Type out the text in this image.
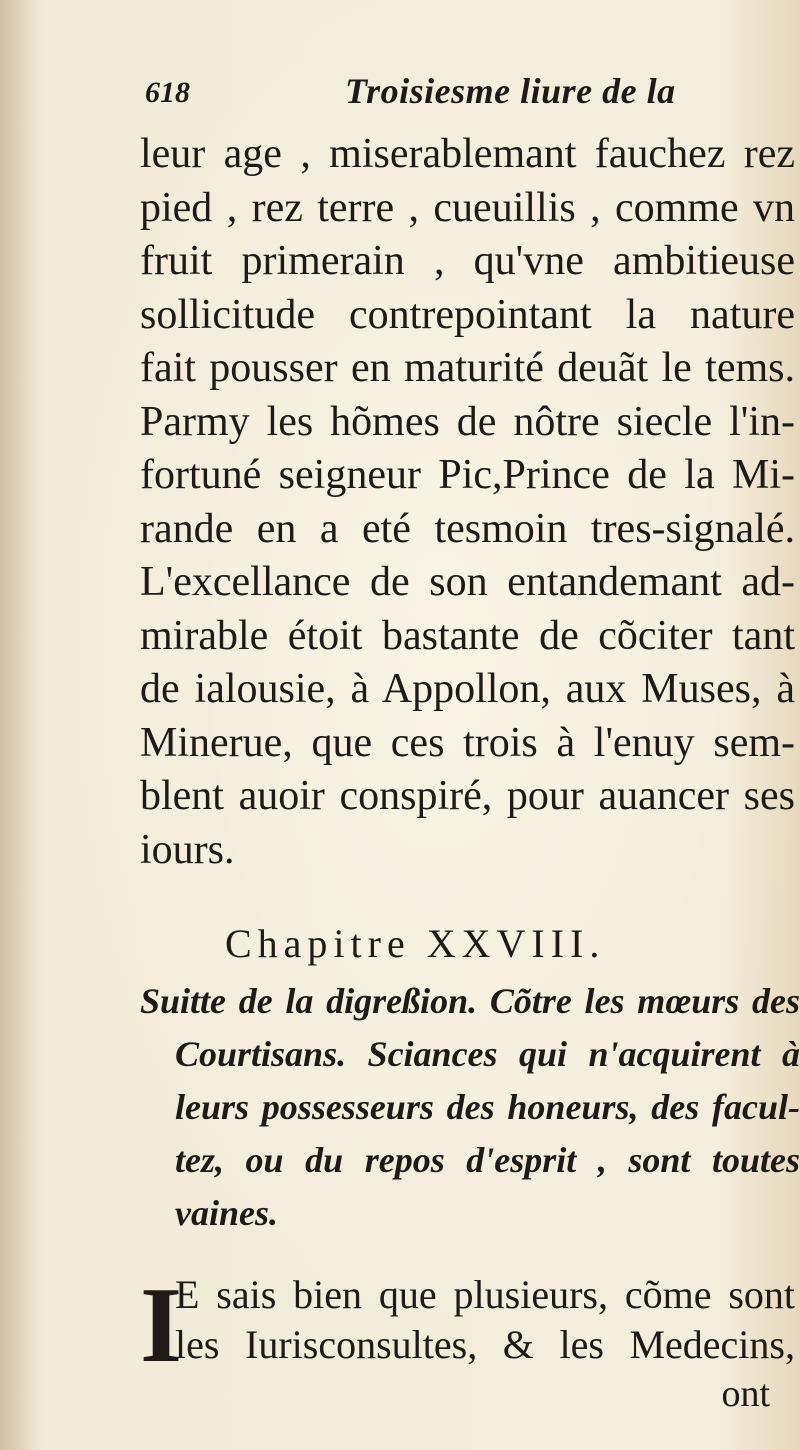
618	Troisiesme liure de la
leur age , miserablemant fauchez rez
pied , rez terre , cueuillis , comme vn
fruit primerain , qu'vne ambitieuse
sollicitude contrepointant la nature
fait pousser en maturité deuãt le tems.
Parmy les hõmes de nôtre siecle l'in-
fortuné seigneur Pic,Prince de la Mi-
rande en a eté tesmoin tres-signalé.
L'excellance de son entandemant ad-
mirable étoit bastante de cõciter tant
de ialousie, à Appollon, aux Muses, à
Minerue, que ces trois à l'enuy sem-
blent auoir conspiré, pour auancer ses
iours.
Chapitre XXVIII.
Suitte de la digreßion. Cõtre les mœurs des
Courtisans. Sciances qui n'acquirent à
leurs possesseurs des honeurs, des facul-
tez, ou du repos d'esprit , sont toutes
vaines.
I
E sais bien que plusieurs, cõme sont
les Iurisconsultes, & les Medecins,
ont
